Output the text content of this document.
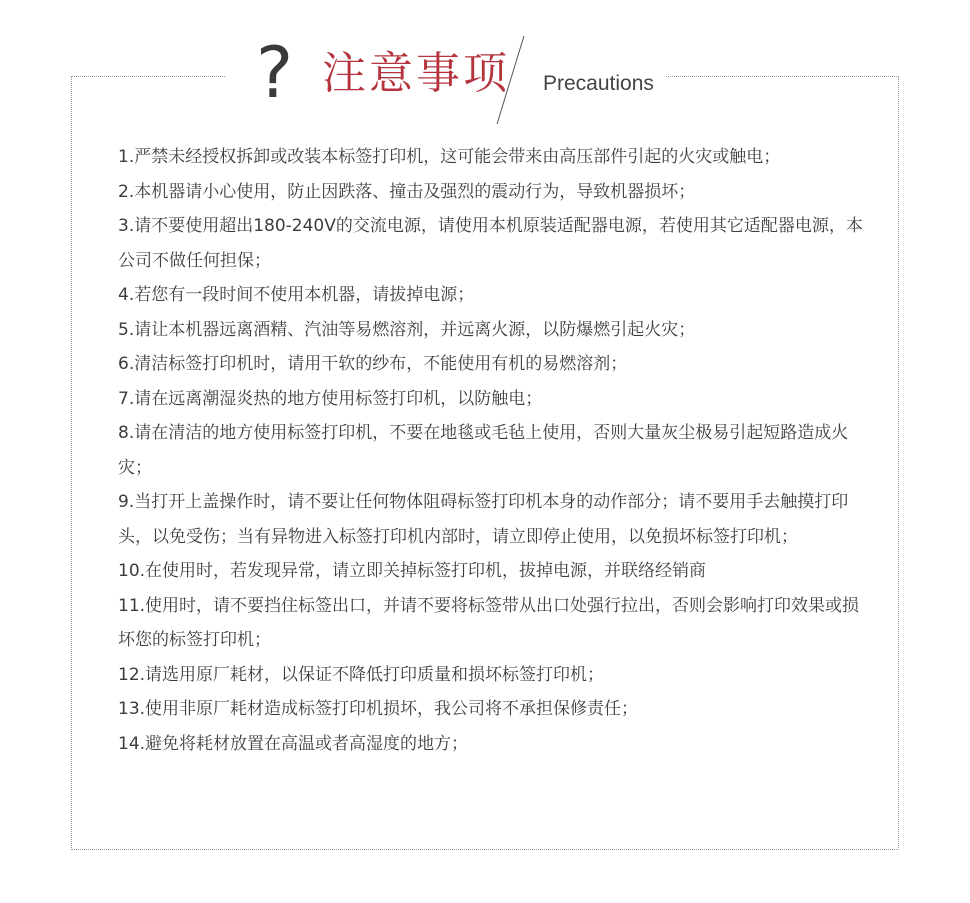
? 注意事项 Precautions

1.严禁未经授权拆卸或改装本标签打印机，这可能会带来由高压部件引起的火灾或触电；

2.本机器请小心使用，防止因跌落、撞击及强烈的震动行为，导致机器损坏；

3.请不要使用超出180-240V的交流电源，请使用本机原装适配器电源，若使用其它适配器电源，本公司不做任何担保；

4.若您有一段时间不使用本机器，请拔掉电源；

5.请让本机器远离酒精、汽油等易燃溶剂，并远离火源，以防爆燃引起火灾；

6.清洁标签打印机时，请用干软的纱布，不能使用有机的易燃溶剂；

7.请在远离潮湿炎热的地方使用标签打印机，以防触电；

8.请在清洁的地方使用标签打印机，不要在地毯或毛毡上使用，否则大量灰尘极易引起短路造成火灾；

9.当打开上盖操作时，请不要让任何物体阻碍标签打印机本身的动作部分；请不要用手去触摸打印头，以免受伤；当有异物进入标签打印机内部时，请立即停止使用，以免损坏标签打印机；

10.在使用时，若发现异常，请立即关掉标签打印机，拔掉电源，并联络经销商

11.使用时，请不要挡住标签出口，并请不要将标签带从出口处强行拉出，否则会影响打印效果或损坏您的标签打印机；

12.请选用原厂耗材，以保证不降低打印质量和损坏标签打印机；

13.使用非原厂耗材造成标签打印机损坏，我公司将不承担保修责任；

14.避免将耗材放置在高温或者高湿度的地方；
